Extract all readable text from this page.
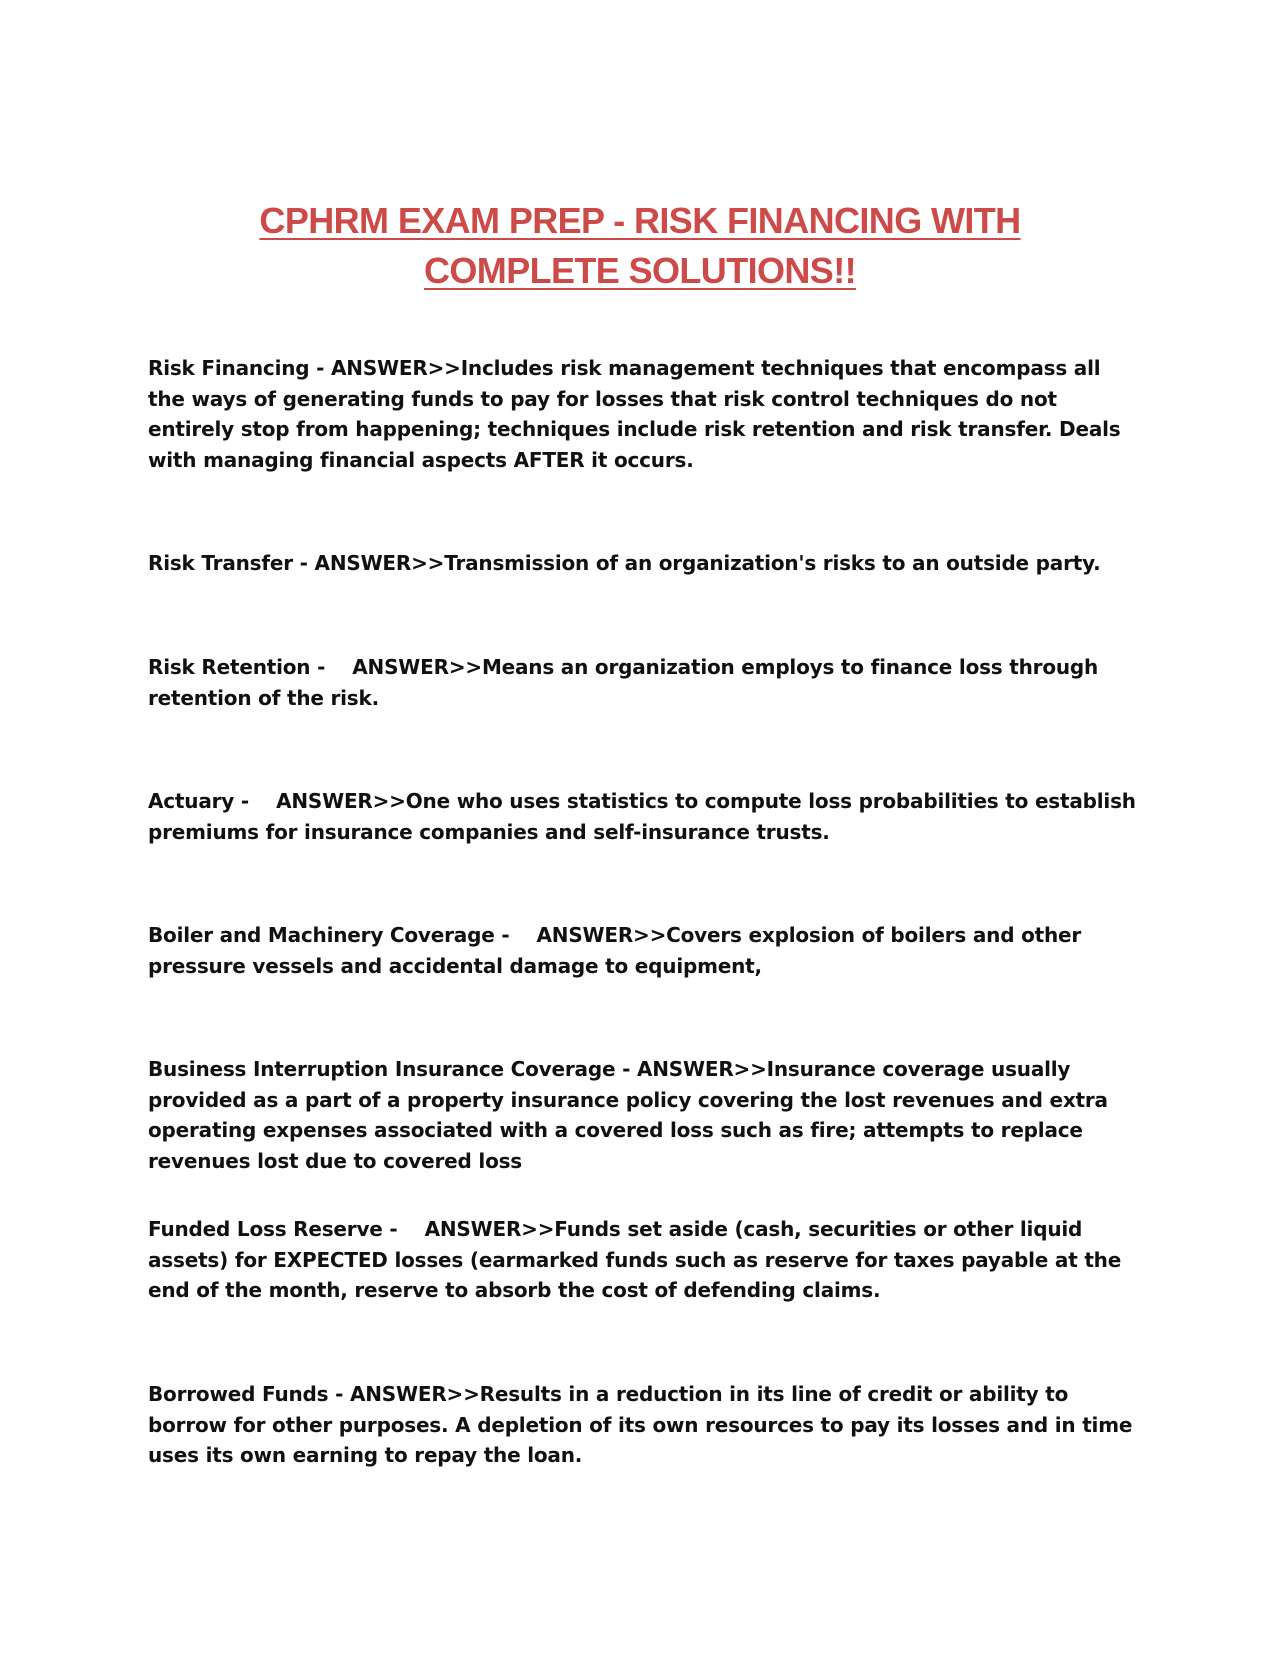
CPHRM EXAM PREP - RISK FINANCING WITH
COMPLETE SOLUTIONS!!
Risk Financing - ANSWER>>Includes risk management techniques that encompass all the ways of generating funds to pay for losses that risk control techniques do not entirely stop from happening; techniques include risk retention and risk transfer. Deals with managing financial aspects AFTER it occurs.
Risk Transfer - ANSWER>>Transmission of an organization's risks to an outside party.
Risk Retention -    ANSWER>>Means an organization employs to finance loss through retention of the risk.
Actuary -    ANSWER>>One who uses statistics to compute loss probabilities to establish premiums for insurance companies and self-insurance trusts.
Boiler and Machinery Coverage -    ANSWER>>Covers explosion of boilers and other pressure vessels and accidental damage to equipment,
Business Interruption Insurance Coverage - ANSWER>>Insurance coverage usually provided as a part of a property insurance policy covering the lost revenues and extra operating expenses associated with a covered loss such as fire; attempts to replace revenues lost due to covered loss
Funded Loss Reserve -    ANSWER>>Funds set aside (cash, securities or other liquid assets) for EXPECTED losses (earmarked funds such as reserve for taxes payable at the end of the month, reserve to absorb the cost of defending claims.
Borrowed Funds - ANSWER>>Results in a reduction in its line of credit or ability to borrow for other purposes. A depletion of its own resources to pay its losses and in time uses its own earning to repay the loan.
